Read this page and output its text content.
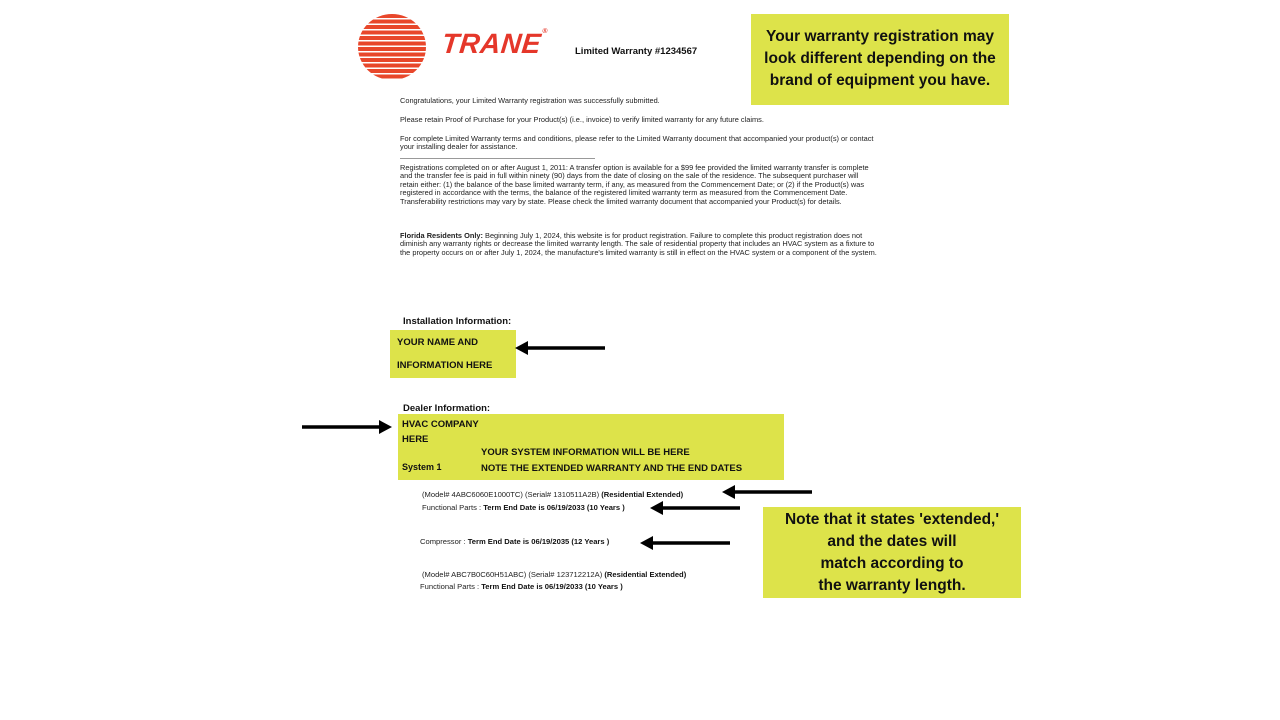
TRANE®
Limited Warranty #1234567
Your warranty registration may
look different depending on the
brand of equipment you have.
Congratulations, your Limited Warranty registration was successfully submitted.
Please retain Proof of Purchase for your Product(s) (i.e., invoice) to verify limited warranty for any future claims.
For complete Limited Warranty terms and conditions, please refer to the Limited Warranty document that accompanied your product(s) or contact your installing dealer for assistance.
Registrations completed on or after August 1, 2011: A transfer option is available for a $99 fee provided the limited warranty transfer is complete and the transfer fee is paid in full within ninety (90) days from the date of closing on the sale of the residence. The subsequent purchaser will retain either: (1) the balance of the base limited warranty term, if any, as measured from the Commencement Date; or (2) if the Product(s) was registered in accordance with the terms, the balance of the registered limited warranty term as measured from the Commencement Date. Transferability restrictions may vary by state. Please check the limited warranty document that accompanied your Product(s) for details.
Florida Residents Only: Beginning July 1, 2024, this website is for product registration. Failure to complete this product registration does not diminish any warranty rights or decrease the limited warranty length. The sale of residential property that includes an HVAC system as a fixture to the property occurs on or after July 1, 2024, the manufacture's limited warranty is still in effect on the HVAC system or a component of the system.
Installation Information:
YOUR NAME AND
INFORMATION HERE
Dealer Information:
HVAC COMPANY
HERE
YOUR SYSTEM INFORMATION WILL BE HERE
System 1	NOTE THE EXTENDED WARRANTY AND THE END DATES
(Model# 4ABC6060E1000TC) (Serial# 1310511A2B) (Residential Extended)
Functional Parts : Term End Date is 06/19/2033 (10 Years )
Compressor : Term End Date is 06/19/2035 (12 Years )
(Model# ABC7B0C60H51ABC) (Serial# 123712212A) (Residential Extended)
Functional Parts : Term End Date is 06/19/2033 (10 Years )
Note that it states 'extended,'
and the dates will
match according to
the warranty length.
